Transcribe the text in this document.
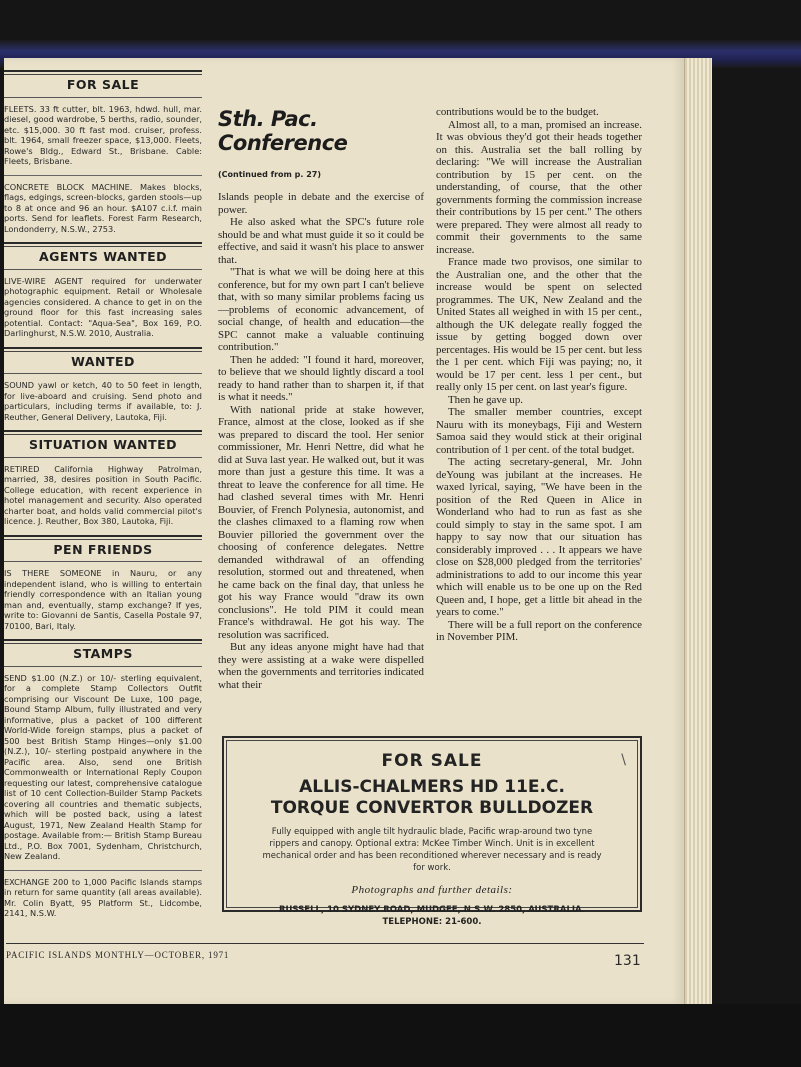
FOR SALE
FLEETS. 33 ft cutter, blt. 1963, hdwd. hull, mar. diesel, good wardrobe, 5 berths, radio, sounder, etc. $15,000. 30 ft fast mod. cruiser, profess. blt. 1964, small freezer space, $13,000. Fleets, Rowe's Bldg., Edward St., Brisbane. Cable: Fleets, Brisbane.
CONCRETE BLOCK MACHINE. Makes blocks, flags, edgings, screen-blocks, garden stools—up to 8 at once and 96 an hour. $A107 c.i.f. main ports. Send for leaflets. Forest Farm Research, Londonderry, N.S.W., 2753.
AGENTS WANTED
LIVE-WIRE AGENT required for underwater photographic equipment. Retail or Wholesale agencies considered. A chance to get in on the ground floor for this fast increasing sales potential. Contact: "Aqua-Sea", Box 169, P.O. Darlinghurst, N.S.W. 2010, Australia.
WANTED
SOUND yawl or ketch, 40 to 50 feet in length, for live-aboard and cruising. Send photo and particulars, including terms if available, to: J. Reuther, General Delivery, Lautoka, Fiji.
SITUATION WANTED
RETIRED California Highway Patrolman, married, 38, desires position in South Pacific. College education, with recent experience in hotel management and security. Also operated charter boat, and holds valid commercial pilot's licence. J. Reuther, Box 380, Lautoka, Fiji.
PEN FRIENDS
IS THERE SOMEONE in Nauru, or any independent island, who is willing to entertain friendly correspondence with an Italian young man and, eventually, stamp exchange? If yes, write to: Giovanni de Santis, Casella Postale 97, 70100, Bari, Italy.
STAMPS
SEND $1.00 (N.Z.) or 10/- sterling equivalent, for a complete Stamp Collectors Outfit comprising our Viscount De Luxe, 100 page, Bound Stamp Album, fully illustrated and very informative, plus a packet of 100 different World-Wide foreign stamps, plus a packet of 500 best British Stamp Hinges—only $1.00 (N.Z.), 10/- sterling postpaid anywhere in the Pacific area. Also, send one British Commonwealth or International Reply Coupon requesting our latest, comprehensive catalogue list of 10 cent Collection-Builder Stamp Packets covering all countries and thematic subjects, which will be posted back, using a latest August, 1971, New Zealand Health Stamp for postage. Available from:— British Stamp Bureau Ltd., P.O. Box 7001, Sydenham, Christchurch, New Zealand.
EXCHANGE 200 to 1,000 Pacific Islands stamps in return for same quantity (all areas available). Mr. Colin Byatt, 95 Platform St., Lidcombe, 2141, N.S.W.
Sth. Pac. Conference
(Continued from p. 27)

Islands people in debate and the exercise of power.

He also asked what the SPC's future role should be and what must guide it so it could be effective, and said it wasn't his place to answer that.

"That is what we will be doing here at this conference, but for my own part I can't believe that, with so many similar problems facing us—problems of economic advancement, of social change, of health and education—the SPC cannot make a valuable continuing contribution."

Then he added: "I found it hard, moreover, to believe that we should lightly discard a tool ready to hand rather than to sharpen it, if that is what it needs."

With national pride at stake however, France, almost at the close, looked as if she was prepared to discard the tool. Her senior commissioner, Mr. Henri Nettre, did what he did at Suva last year. He walked out, but it was more than just a gesture this time. It was a threat to leave the conference for all time. He had clashed several times with Mr. Henri Bouvier, of French Polynesia, autonomist, and the clashes climaxed to a flaming row when Bouvier pilloried the government over the choosing of conference delegates. Nettre demanded withdrawal of an offending resolution, stormed out and threatened, when he came back on the final day, that unless he got his way France would "draw its own conclusions". He told PIM it could mean France's withdrawal. He got his way. The resolution was sacrificed.

But any ideas anyone might have had that they were assisting at a wake were dispelled when the governments and territories indicated what their

contributions would be to the budget.

Almost all, to a man, promised an increase. It was obvious they'd got their heads together on this. Australia set the ball rolling by declaring: "We will increase the Australian contribution by 15 per cent. on the understanding, of course, that the other governments forming the commission increase their contributions by 15 per cent." The others were prepared. They were almost all ready to commit their governments to the same increase.

France made two provisos, one similar to the Australian one, and the other that the increase would be spent on selected programmes. The UK, New Zealand and the United States all weighed in with 15 per cent., although the UK delegate really fogged the issue by getting bogged down over percentages. His would be 15 per cent. but less the 1 per cent. which Fiji was paying; no, it would be 17 per cent. less 1 per cent., but really only 15 per cent. on last year's figure.

Then he gave up.

The smaller member countries, except Nauru with its moneybags, Fiji and Western Samoa said they would stick at their original contribution of 1 per cent. of the total budget.

The acting secretary-general, Mr. John deYoung was jubilant at the increases. He waxed lyrical, saying, "We have been in the position of the Red Queen in Alice in Wonderland who had to run as fast as she could simply to stay in the same spot. I am happy to say now that our situation has considerably improved . . . It appears we have close on $28,000 pledged from the territories' administrations to add to our income this year which will enable us to be one up on the Red Queen and, I hope, get a little bit ahead in the years to come."

There will be a full report on the conference in November PIM.

\
FOR SALE
ALLIS-CHALMERS HD 11E.C.
TORQUE CONVERTOR BULLDOZER
Fully equipped with angle tilt hydraulic blade, Pacific wrap-around two tyne rippers and canopy. Optional extra: McKee Timber Winch. Unit is in excellent mechanical order and has been reconditioned wherever necessary and is ready for work.
Photographs and further details:
RUSSELL, 10 SYDNEY ROAD, MUDGEE, N.S.W. 2850, AUSTRALIA.
TELEPHONE: 21-600.
PACIFIC ISLANDS MONTHLY—OCTOBER, 1971	131
